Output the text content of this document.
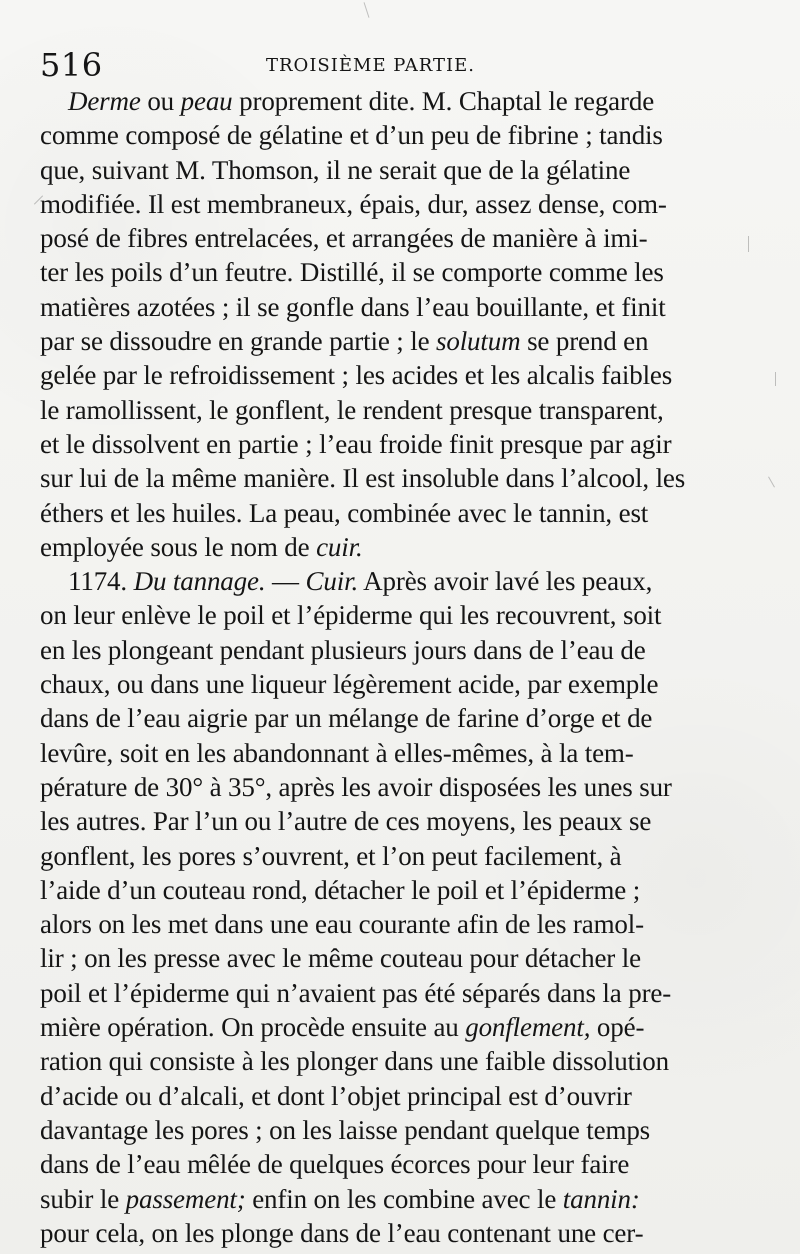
516	TROISIÈME PARTIE.
Derme ou peau proprement dite. M. Chaptal le regarde
comme composé de gélatine et d’un peu de fibrine ; tandis
que, suivant M. Thomson, il ne serait que de la gélatine
modifiée. Il est membraneux, épais, dur, assez dense, com-
posé de fibres entrelacées, et arrangées de manière à imi-
ter les poils d’un feutre. Distillé, il se comporte comme les
matières azotées ; il se gonfle dans l’eau bouillante, et finit
par se dissoudre en grande partie ; le solutum se prend en
gelée par le refroidissement ; les acides et les alcalis faibles
le ramollissent, le gonflent, le rendent presque transparent,
et le dissolvent en partie ; l’eau froide finit presque par agir
sur lui de la même manière. Il est insoluble dans l’alcool, les
éthers et les huiles. La peau, combinée avec le tannin, est
employée sous le nom de cuir.
1174. Du tannage. — Cuir. Après avoir lavé les peaux,
on leur enlève le poil et l’épiderme qui les recouvrent, soit
en les plongeant pendant plusieurs jours dans de l’eau de
chaux, ou dans une liqueur légèrement acide, par exemple
dans de l’eau aigrie par un mélange de farine d’orge et de
levûre, soit en les abandonnant à elles-mêmes, à la tem-
pérature de 30° à 35°, après les avoir disposées les unes sur
les autres. Par l’un ou l’autre de ces moyens, les peaux se
gonflent, les pores s’ouvrent, et l’on peut facilement, à
l’aide d’un couteau rond, détacher le poil et l’épiderme ;
alors on les met dans une eau courante afin de les ramol-
lir ; on les presse avec le même couteau pour détacher le
poil et l’épiderme qui n’avaient pas été séparés dans la pre-
mière opération. On procède ensuite au gonflement, opé-
ration qui consiste à les plonger dans une faible dissolution
d’acide ou d’alcali, et dont l’objet principal est d’ouvrir
davantage les pores ; on les laisse pendant quelque temps
dans de l’eau mêlée de quelques écorces pour leur faire
subir le passement; enfin on les combine avec le tannin:
pour cela, on les plonge dans de l’eau contenant une cer-
